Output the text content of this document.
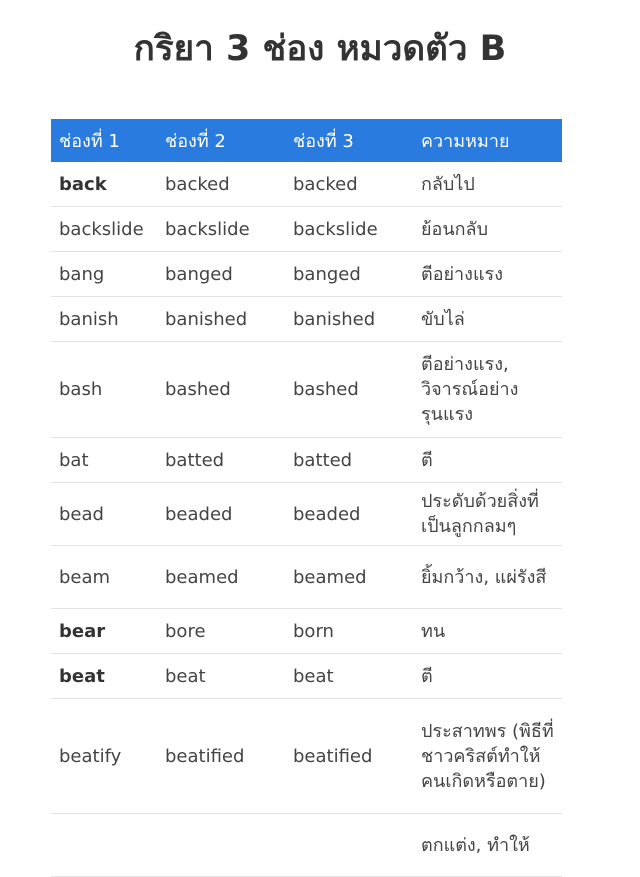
กริยา 3 ช่อง หมวดตัว B
ช่องที่ 1	ช่องที่ 2	ช่องที่ 3	ความหมาย
back	backed	backed	กลับไป
backslide	backslide	backslide	ย้อนกลับ
bang	banged	banged	ตีอย่างแรง
banish	banished	banished	ขับไล่
bash	bashed	bashed	ตีอย่างแรง, วิจารณ์อย่างรุนแรง
bat	batted	batted	ตี
bead	beaded	beaded	ประดับด้วยสิ่งที่เป็นลูกกลมๆ
beam	beamed	beamed	ยิ้มกว้าง, แผ่รังสี
bear	bore	born	ทน
beat	beat	beat	ตี
beatify	beatified	beatified	ประสาทพร (พิธีที่ชาวคริสต์ทำให้คนเกิดหรือตาย)
			ตกแต่ง, ทำให้
